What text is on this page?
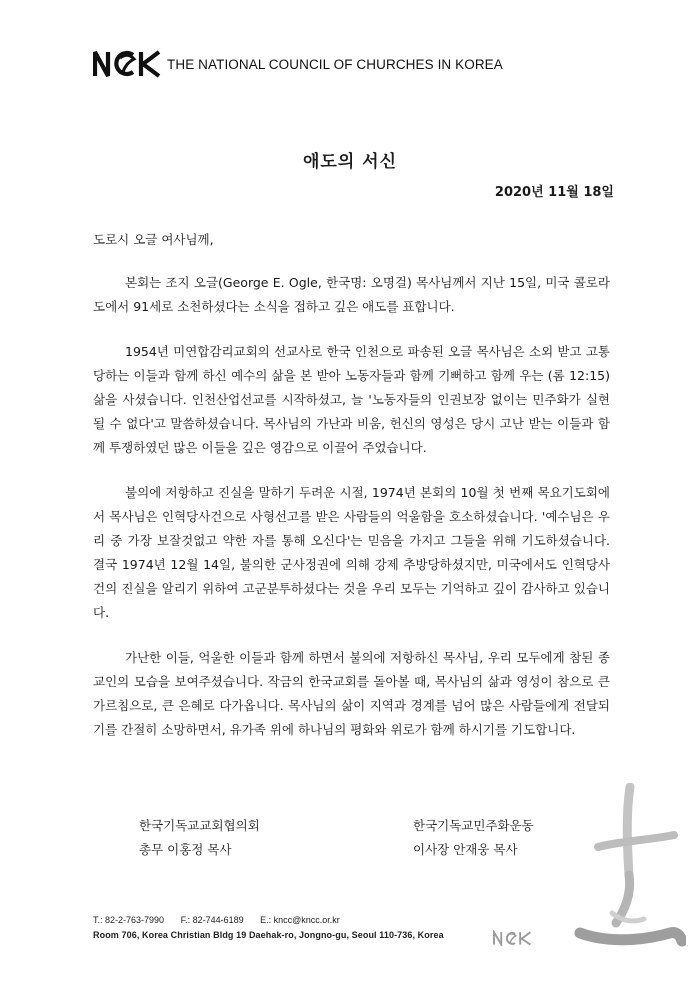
THE NATIONAL COUNCIL OF CHURCHES IN KOREA
애도의 서신
2020년 11월 18일

도로시 오글 여사님께,

본회는 조지 오글(George E. Ogle, 한국명: 오명걸) 목사님께서 지난 15일, 미국 콜로라도에서 91세로 소천하셨다는 소식을 접하고 깊은 애도를 표합니다.

1954년 미연합감리교회의 선교사로 한국 인천으로 파송된 오글 목사님은 소외 받고 고통 당하는 이들과 함께 하신 예수의 삶을 본 받아 노동자들과 함께 기뻐하고 함께 우는 (롬 12:15) 삶을 사셨습니다. 인천산업선교를 시작하셨고, 늘 '노동자들의 인권보장 없이는 민주화가 실현될 수 없다'고 말씀하셨습니다. 목사님의 가난과 비움, 헌신의 영성은 당시 고난 받는 이들과 함께 투쟁하였던 많은 이들을 깊은 영감으로 이끌어 주었습니다.

불의에 저항하고 진실을 말하기 두려운 시절, 1974년 본회의 10월 첫 번째 목요기도회에서 목사님은 인혁당사건으로 사형선고를 받은 사람들의 억울함을 호소하셨습니다. '예수님은 우리 중 가장 보잘것없고 약한 자를 통해 오신다'는 믿음을 가지고 그들을 위해 기도하셨습니다. 결국 1974년 12월 14일, 불의한 군사정권에 의해 강제 추방당하셨지만, 미국에서도 인혁당사건의 진실을 알리기 위하여 고군분투하셨다는 것을 우리 모두는 기억하고 깊이 감사하고 있습니다.

가난한 이들, 억울한 이들과 함께 하면서 불의에 저항하신 목사님, 우리 모두에게 참된 종교인의 모습을 보여주셨습니다. 작금의 한국교회를 돌아볼 때, 목사님의 삶과 영성이 참으로 큰 가르침으로, 큰 은혜로 다가옵니다. 목사님의 삶이 지역과 경계를 넘어 많은 사람들에게 전달되기를 간절히 소망하면서, 유가족 위에 하나님의 평화와 위로가 함께 하시기를 기도합니다.

한국기독교교회협의회
총무 이홍정 목사
한국기독교민주화운동
이사장 안재웅 목사
T.: 82-2-763-7990 F.: 82-744-6189 E.: kncc@kncc.or.kr
Room 706, Korea Christian Bldg 19 Daehak-ro, Jongno-gu, Seoul 110-736, Korea
